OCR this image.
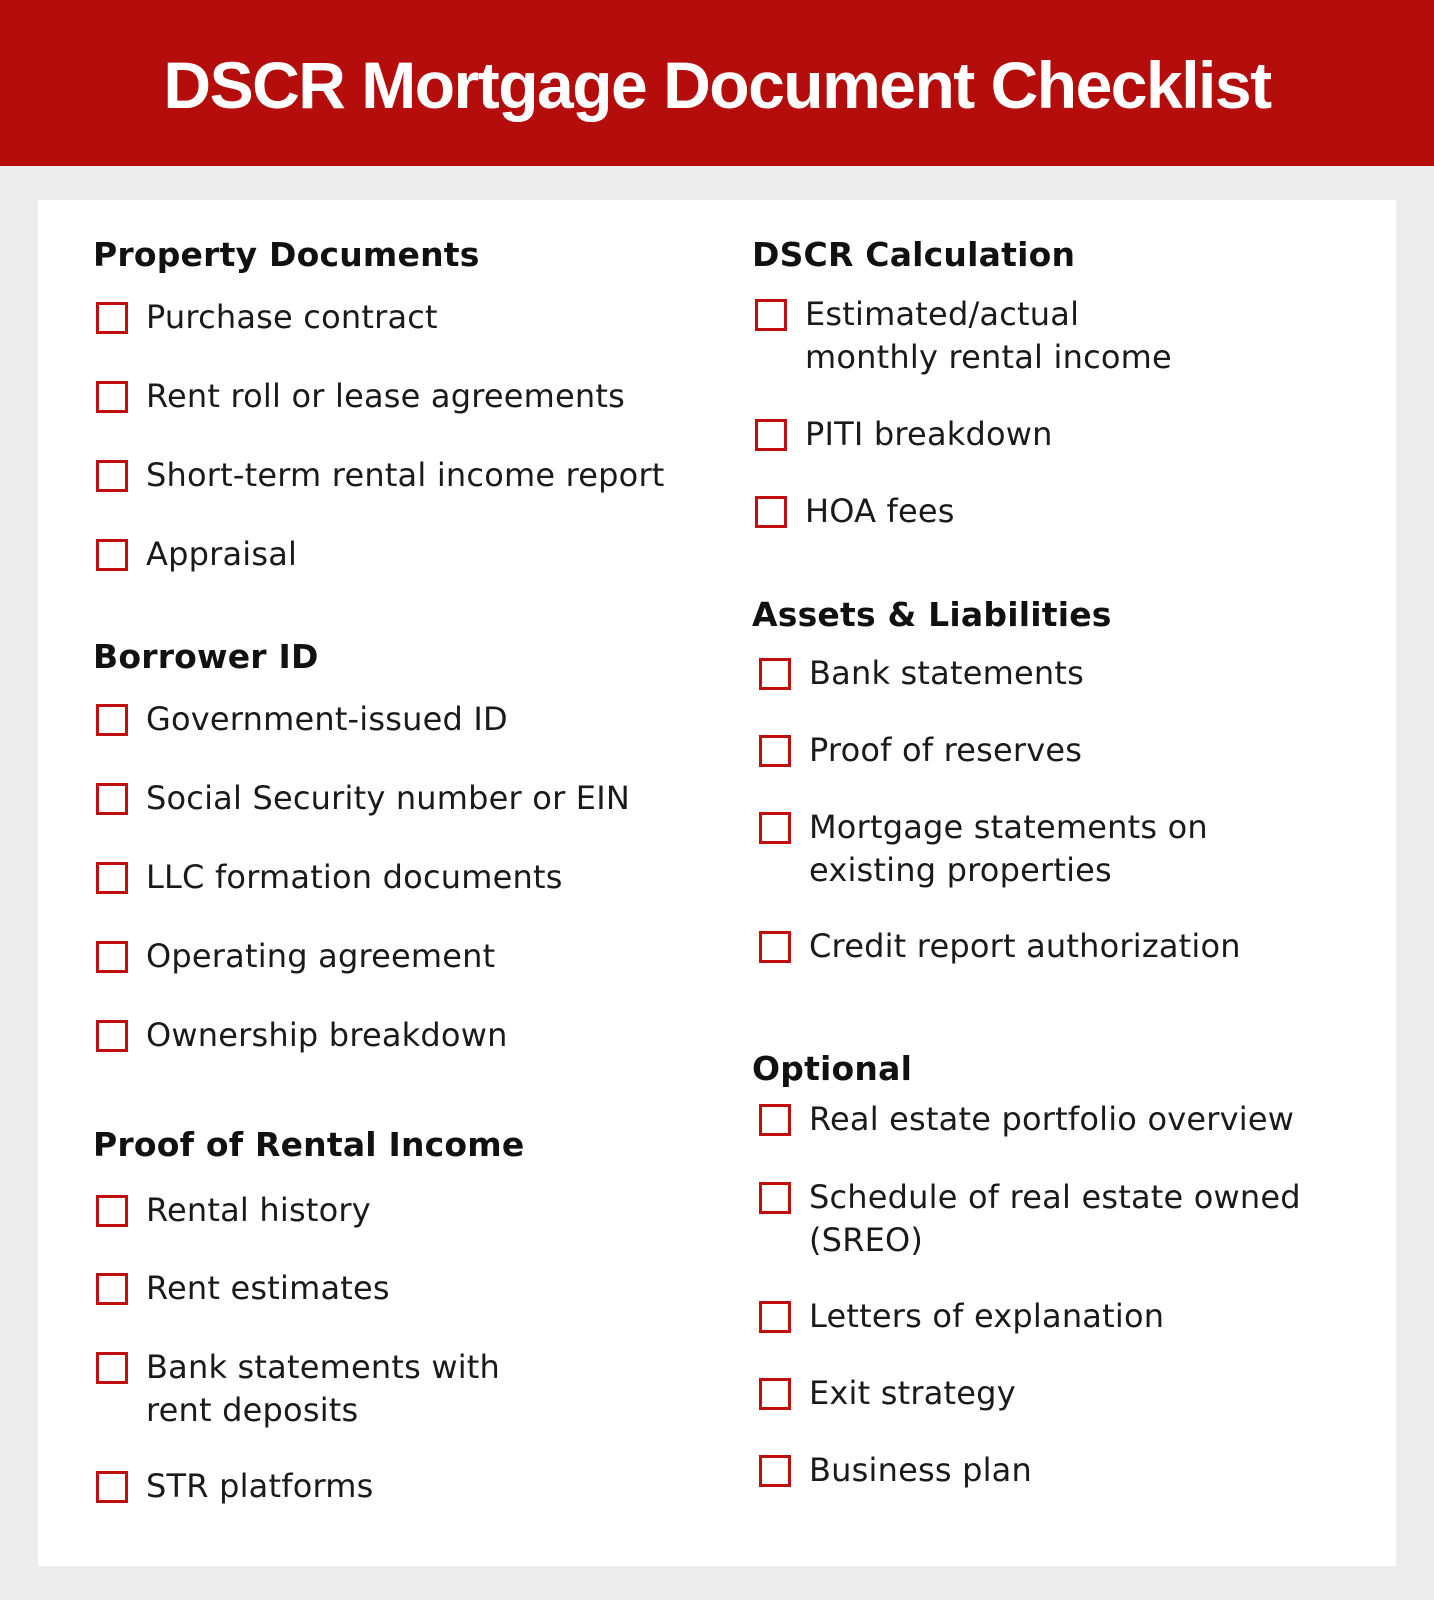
DSCR Mortgage Document Checklist
Property Documents
Purchase contract
Rent roll or lease agreements
Short-term rental income report
Appraisal
Borrower ID
Government-issued ID
Social Security number or EIN
LLC formation documents
Operating agreement
Ownership breakdown
Proof of Rental Income
Rental history
Rent estimates
Bank statements with rent deposits
STR platforms
DSCR Calculation
Estimated/actual monthly rental income
PITI breakdown
HOA fees
Assets & Liabilities
Bank statements
Proof of reserves
Mortgage statements on existing properties
Credit report authorization
Optional
Real estate portfolio overview
Schedule of real estate owned (SREO)
Letters of explanation
Exit strategy
Business plan
